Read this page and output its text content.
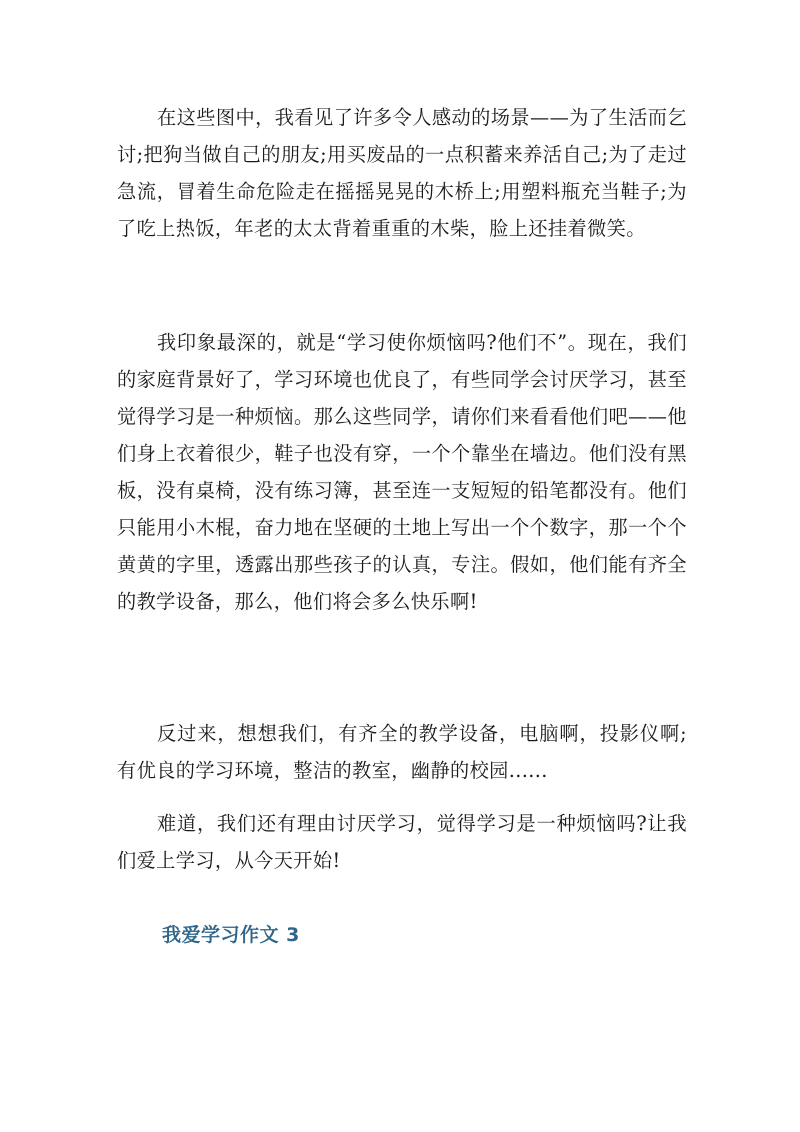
在这些图中，我看见了许多令人感动的场景——为了生活而乞讨;把狗当做自己的朋友;用买废品的一点积蓄来养活自己;为了走过急流，冒着生命危险走在摇摇晃晃的木桥上;用塑料瓶充当鞋子;为了吃上热饭，年老的太太背着重重的木柴，脸上还挂着微笑。

我印象最深的，就是“学习使你烦恼吗?他们不”。现在，我们的家庭背景好了，学习环境也优良了，有些同学会讨厌学习，甚至觉得学习是一种烦恼。那么这些同学，请你们来看看他们吧——他们身上衣着很少，鞋子也没有穿，一个个靠坐在墙边。他们没有黑板，没有桌椅，没有练习簿，甚至连一支短短的铅笔都没有。他们只能用小木棍，奋力地在坚硬的土地上写出一个个数字，那一个个黄黄的字里，透露出那些孩子的认真，专注。假如，他们能有齐全的教学设备，那么，他们将会多么快乐啊!

反过来，想想我们，有齐全的教学设备，电脑啊，投影仪啊;有优良的学习环境，整洁的教室，幽静的校园......

难道，我们还有理由讨厌学习，觉得学习是一种烦恼吗?让我们爱上学习，从今天开始!

我爱学习作文 3
